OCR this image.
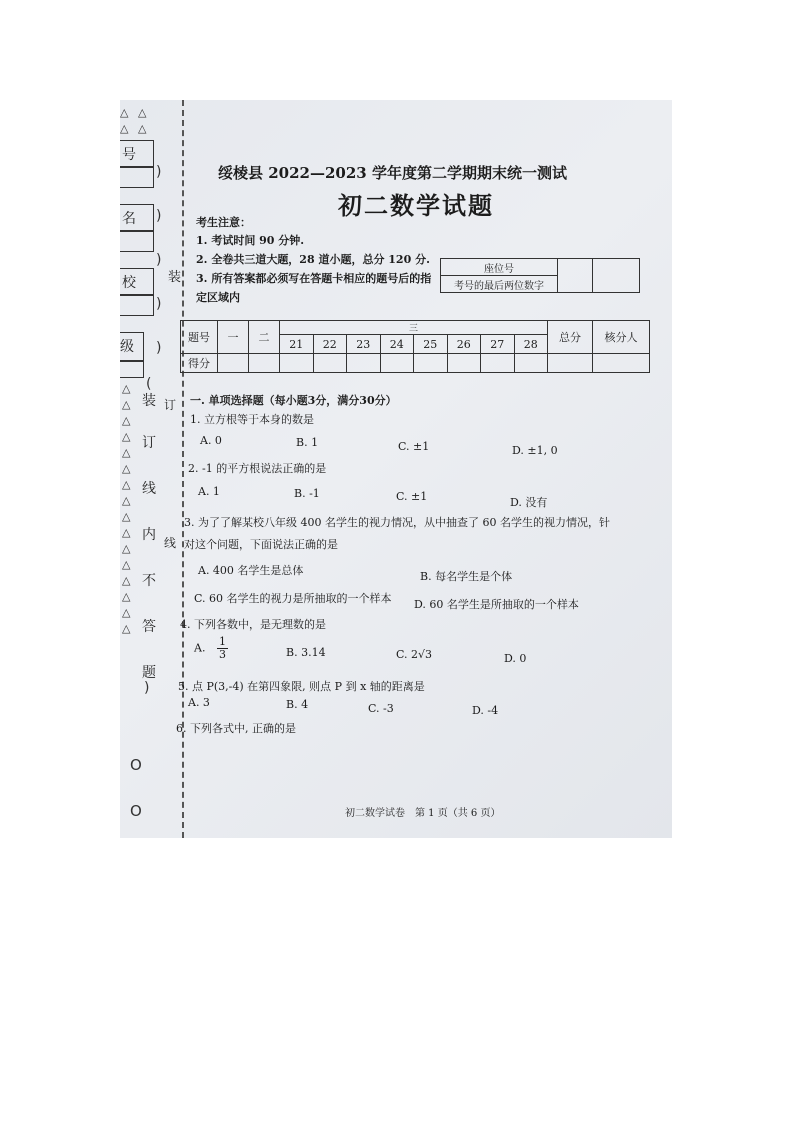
△ △
△ △
号
名
校
级
)
)
)
)
)
装
△
△
△
△
△
△
△
△
△
△
△
△
△
△
△
△
(
装
订
线
内
不
答
题
)
订
线
O
O
绥棱县 2022—2023 学年度第二学期期末统一测试
初二数学试题
考生注意：
1. 考试时间 90 分钟.
2. 全卷共三道大题，28 道小题，总分 120 分.
3. 所有答案都必须写在答题卡相应的题号后的指
定区域内
座位号		
考号的最后两位数字
题号	一	二	三								总分	核分人
			21	22	23	24	25	26	27	28		
得分												
一. 单项选择题（每小题3分，满分30分）
1. 立方根等于本身的数是
A. 0	B. 1	C. ±1	D. ±1, 0
2. -1 的平方根说法正确的是
A. 1	B. -1	C. ±1	D. 没有
3. 为了了解某校八年级 400 名学生的视力情况，从中抽查了 60 名学生的视力情况，针
对这个问题，下面说法正确的是
A. 400 名学生是总体	B. 每名学生是个体
C. 60 名学生的视力是所抽取的一个样本 D. 60 名学生是所抽取的一个样本
4. 下列各数中，是无理数的是
A. $\frac{1}{3}$	B. 3.14	C. 2√3	D. 0
5. 点 P(3,-4) 在第四象限, 则点 P 到 x 轴的距离是
A. 3	B. 4	C. -3	D. -4
6. 下列各式中, 正确的是
初二数学试卷　第 1 页（共 6 页）
